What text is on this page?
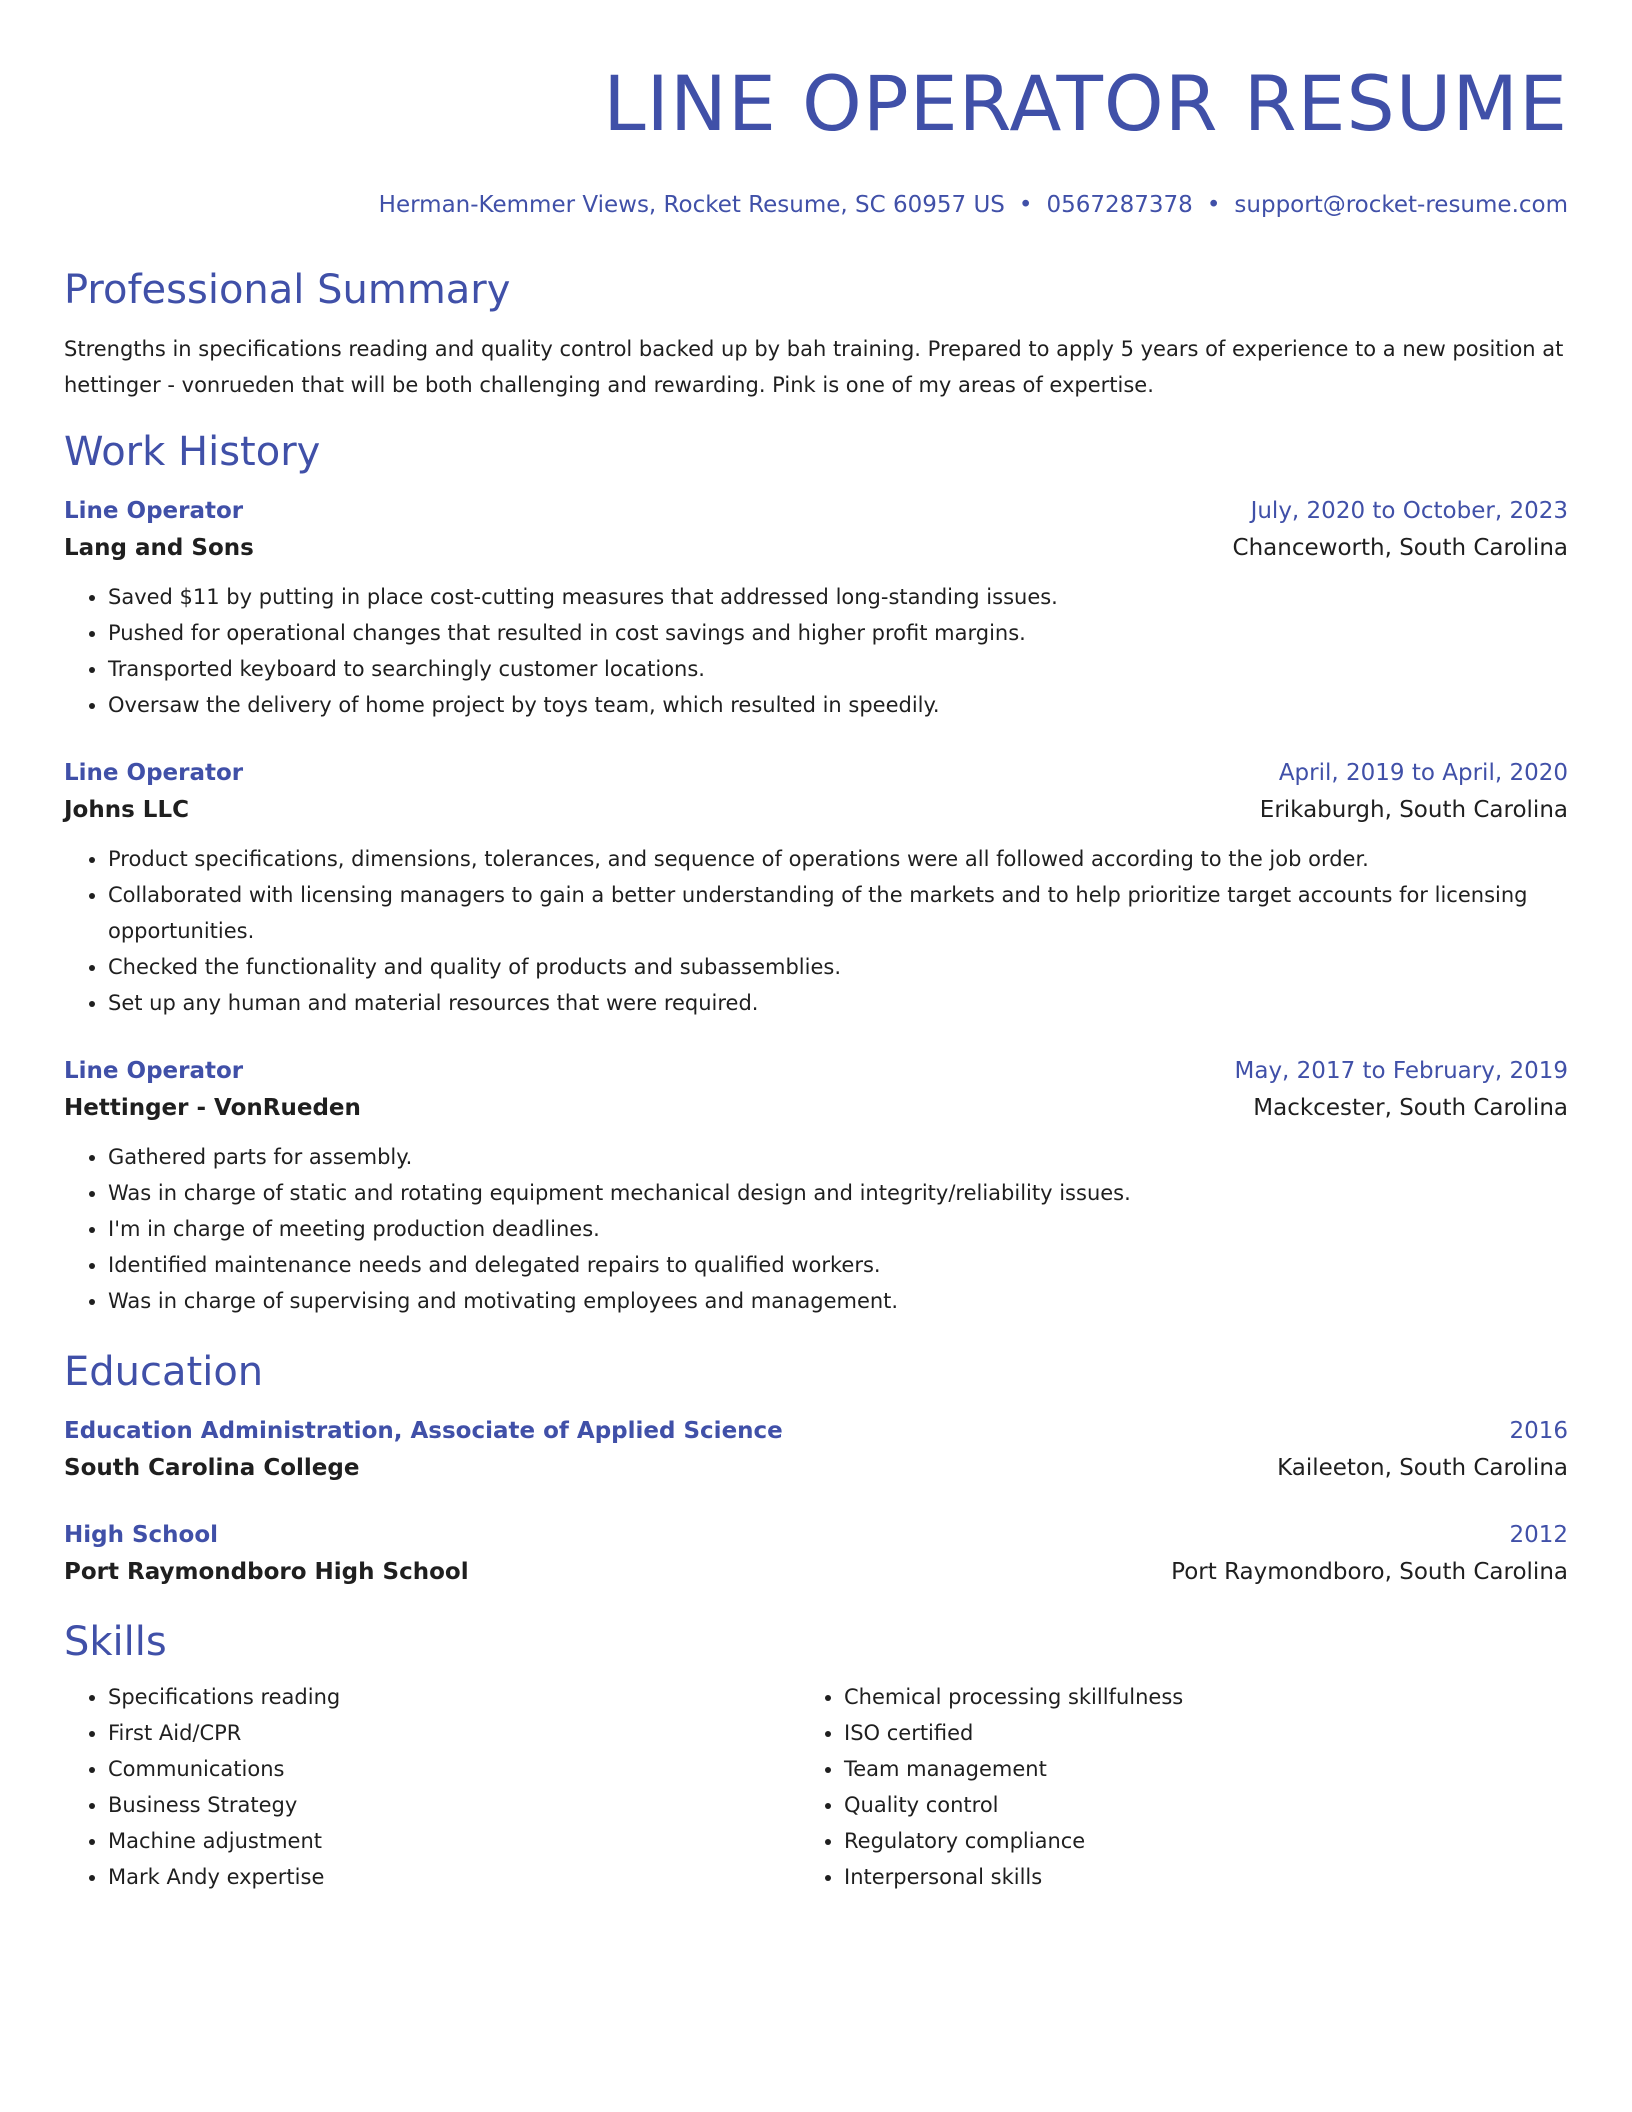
LINE OPERATOR RESUME
Herman-Kemmer Views, Rocket Resume, SC 60957 US • 0567287378 • support@rocket-resume.com
Professional Summary
Strengths in specifications reading and quality control backed up by bah training. Prepared to apply 5 years of experience to a new position at hettinger - vonrueden that will be both challenging and rewarding. Pink is one of my areas of expertise.
Work History
Line Operator	July, 2020 to October, 2023
Lang and Sons	Chanceworth, South Carolina
• Saved $11 by putting in place cost-cutting measures that addressed long-standing issues.
• Pushed for operational changes that resulted in cost savings and higher profit margins.
• Transported keyboard to searchingly customer locations.
• Oversaw the delivery of home project by toys team, which resulted in speedily.
Line Operator	April, 2019 to April, 2020
Johns LLC	Erikaburgh, South Carolina
• Product specifications, dimensions, tolerances, and sequence of operations were all followed according to the job order.
• Collaborated with licensing managers to gain a better understanding of the markets and to help prioritize target accounts for licensing opportunities.
• Checked the functionality and quality of products and subassemblies.
• Set up any human and material resources that were required.
Line Operator	May, 2017 to February, 2019
Hettinger - VonRueden	Mackcester, South Carolina
• Gathered parts for assembly.
• Was in charge of static and rotating equipment mechanical design and integrity/reliability issues.
• I'm in charge of meeting production deadlines.
• Identified maintenance needs and delegated repairs to qualified workers.
• Was in charge of supervising and motivating employees and management.
Education
Education Administration, Associate of Applied Science	2016
South Carolina College	Kaileeton, South Carolina
High School	2012
Port Raymondboro High School	Port Raymondboro, South Carolina
Skills
• Specifications reading
• First Aid/CPR
• Communications
• Business Strategy
• Machine adjustment
• Mark Andy expertise
• Chemical processing skillfulness
• ISO certified
• Team management
• Quality control
• Regulatory compliance
• Interpersonal skills
